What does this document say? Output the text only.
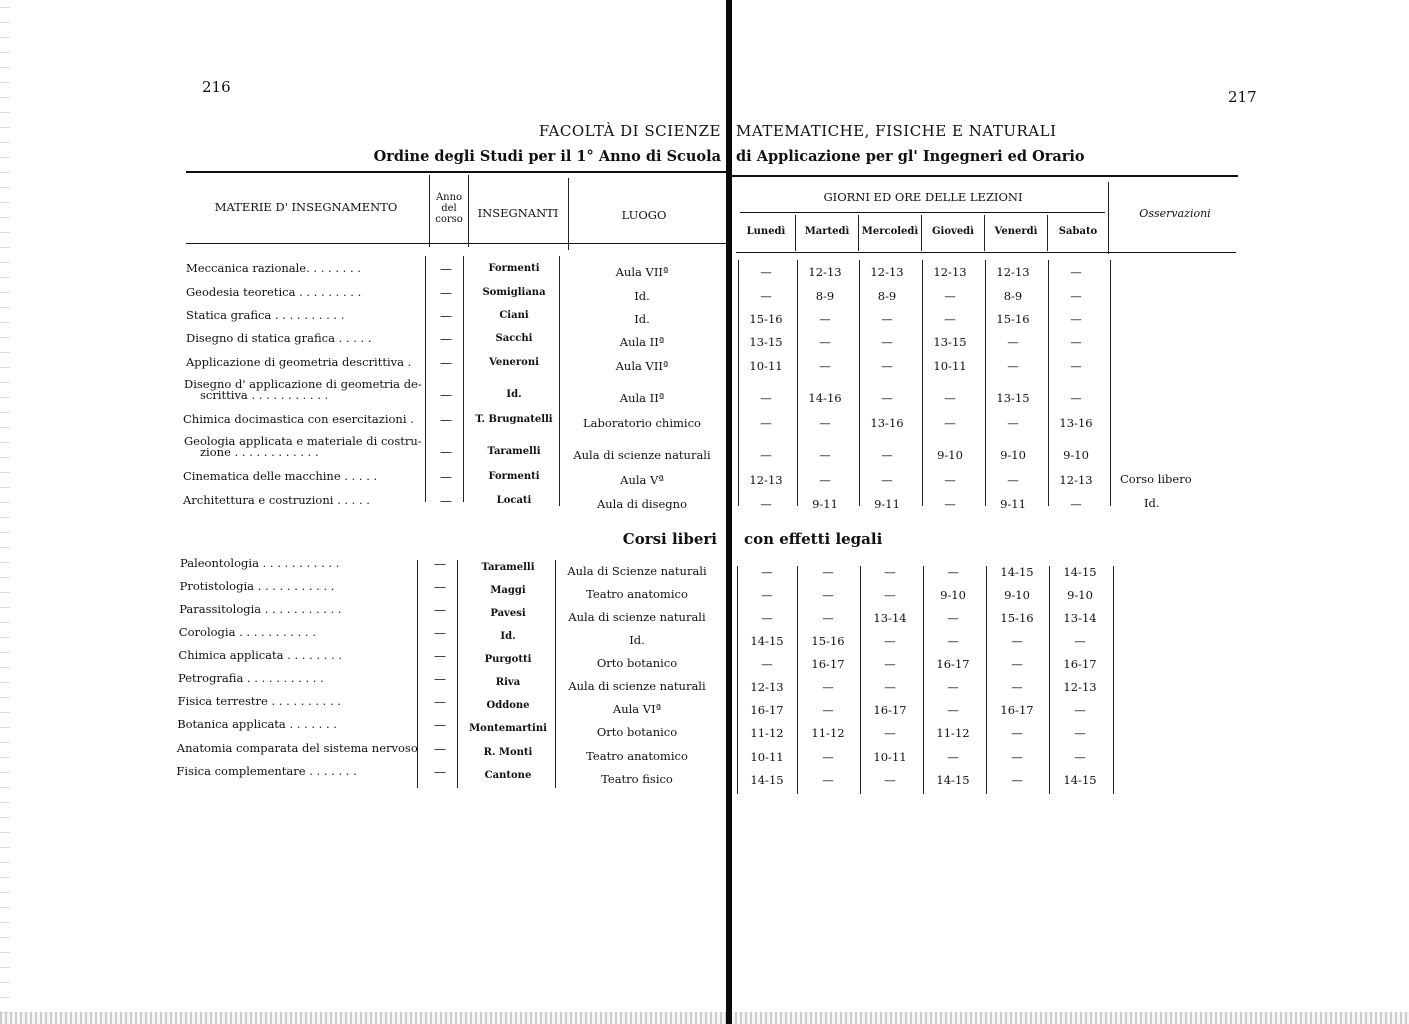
216
217
FACOLTÀ DI SCIENZE MATEMATICHE, FISICHE E NATURALI
Ordine degli Studi per il 1° Anno di Scuola di Applicazione per gl' Ingegneri ed Orario
MATERIE D' INSEGNAMENTO
Anno del corso	INSEGNANTI	LUOGO
GIORNI ED ORE DELLE LEZIONI
Osservazioni
Lunedì	Martedì	Mercoledì	Giovedì	Venerdì	Sabato
Corsi liberi con effetti legali
Meccanica razionale. . . . . . . .	—	Formenti	Aula VIIª	—	12-13	12-13	12-13	12-13	—
Geodesia teoretica . . . . . . . . .	—	Somigliana	Id.	—	8-9	8-9	—	8-9	—
Statica grafica . . . . . . . . . .	—	Ciani	Id.	15-16	—	—	—	15-16	—
Disegno di statica grafica . . . . .	—	Sacchi	Aula IIª	13-15	—	—	13-15	—	—
Applicazione di geometria descrittiva .	—	Veneroni	Aula VIIª	10-11	—	—	10-11	—	—
Disegno d' applicazione di geometria de-
scrittiva . . . . . . . . . . .	—	Id.	Aula IIª	—	14-16	—	—	13-15	—
Chimica docimastica con esercitazioni .	—	T. Brugnatelli	Laboratorio chimico	—	—	13-16	—	—	13-16
Geologia applicata e materiale di costru-
zione . . . . . . . . . . . .	—	Taramelli	Aula di scienze naturali	—	—	—	9-10	9-10	9-10
Cinematica delle macchine . . . . .	—	Formenti	Aula Vª	12-13	—	—	—	—	12-13	Corso libero
Architettura e costruzioni . . . . .	—	Locati	Aula di disegno	—	9-11	9-11	—	9-11	—	Id.
Paleontologia . . . . . . . . . . .	—	Taramelli	Aula di Scienze naturali	—	—	—	—	14-15	14-15
Protistologia . . . . . . . . . . .	—	Maggi	Teatro anatomico	—	—	—	9-10	9-10	9-10
Parassitologia . . . . . . . . . . .	—	Pavesi	Aula di scienze naturali	—	—	13-14	—	15-16	13-14
Corologia . . . . . . . . . . .	—	Id.	Id.	14-15	15-16	—	—	—	—
Chimica applicata . . . . . . . .	—	Purgotti	Orto botanico	—	16-17	—	16-17	—	16-17
Petrografia . . . . . . . . . . .	—	Riva	Aula di scienze naturali	12-13	—	—	—	—	12-13
Fisica terrestre . . . . . . . . . .	—	Oddone	Aula VIª	16-17	—	16-17	—	16-17	—
Botanica applicata . . . . . . .	—	Montemartini	Orto botanico	11-12	11-12	—	11-12	—	—
Anatomia comparata del sistema nervoso	—	R. Monti	Teatro anatomico	10-11	—	10-11	—	—	—
Fisica complementare . . . . . . .	—	Cantone	Teatro fisico	14-15	—	—	14-15	—	14-15
